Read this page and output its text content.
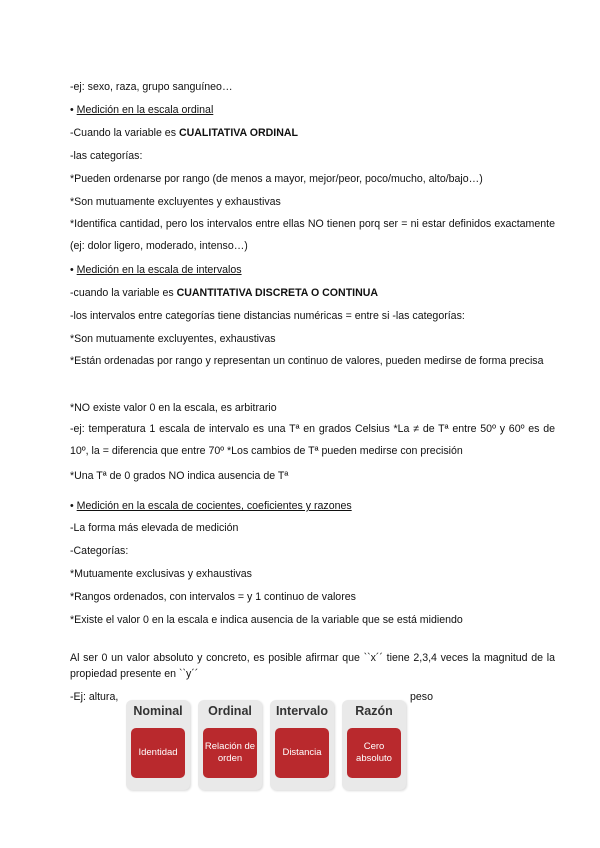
-ej: sexo, raza, grupo sanguíneo…
• Medición en la escala ordinal
-Cuando la variable es CUALITATIVA ORDINAL
-las categorías:
*Pueden ordenarse por rango (de menos a mayor, mejor/peor, poco/mucho, alto/bajo…)
*Son mutuamente excluyentes y exhaustivas
*Identifica cantidad, pero los intervalos entre ellas NO tienen porq ser = ni estar definidos exactamente (ej: dolor ligero, moderado, intenso…)
• Medición en la escala de intervalos
-cuando la variable es CUANTITATIVA DISCRETA O CONTINUA
-los intervalos entre categorías tiene distancias numéricas = entre si -las categorías:
*Son mutuamente excluyentes, exhaustivas
*Están ordenadas por rango y representan un continuo de valores, pueden medirse de forma precisa
*NO existe valor 0 en la escala, es arbitrario
-ej: temperatura 1 escala de intervalo es una Tª en grados Celsius *La ≠ de Tª entre 50º y 60º es de 10º, la = diferencia que entre 70º *Los cambios de Tª pueden medirse con precisión
*Una Tª de 0 grados NO indica ausencia de Tª
• Medición en la escala de cocientes, coeficientes y razones
-La forma más elevada de medición
-Categorías:
*Mutuamente exclusivas y exhaustivas
*Rangos ordenados, con intervalos = y 1 continuo de valores
*Existe el valor 0 en la escala e indica ausencia de la variable que se está midiendo
Al ser 0 un valor absoluto y concreto, es posible afirmar que ``x´´ tiene 2,3,4 veces la magnitud de la propiedad presente en ``y´´
-Ej: altura,	peso
Nominal
Identidad
Ordinal
Relación de orden
Intervalo
Distancia
Razón
Cero absoluto
